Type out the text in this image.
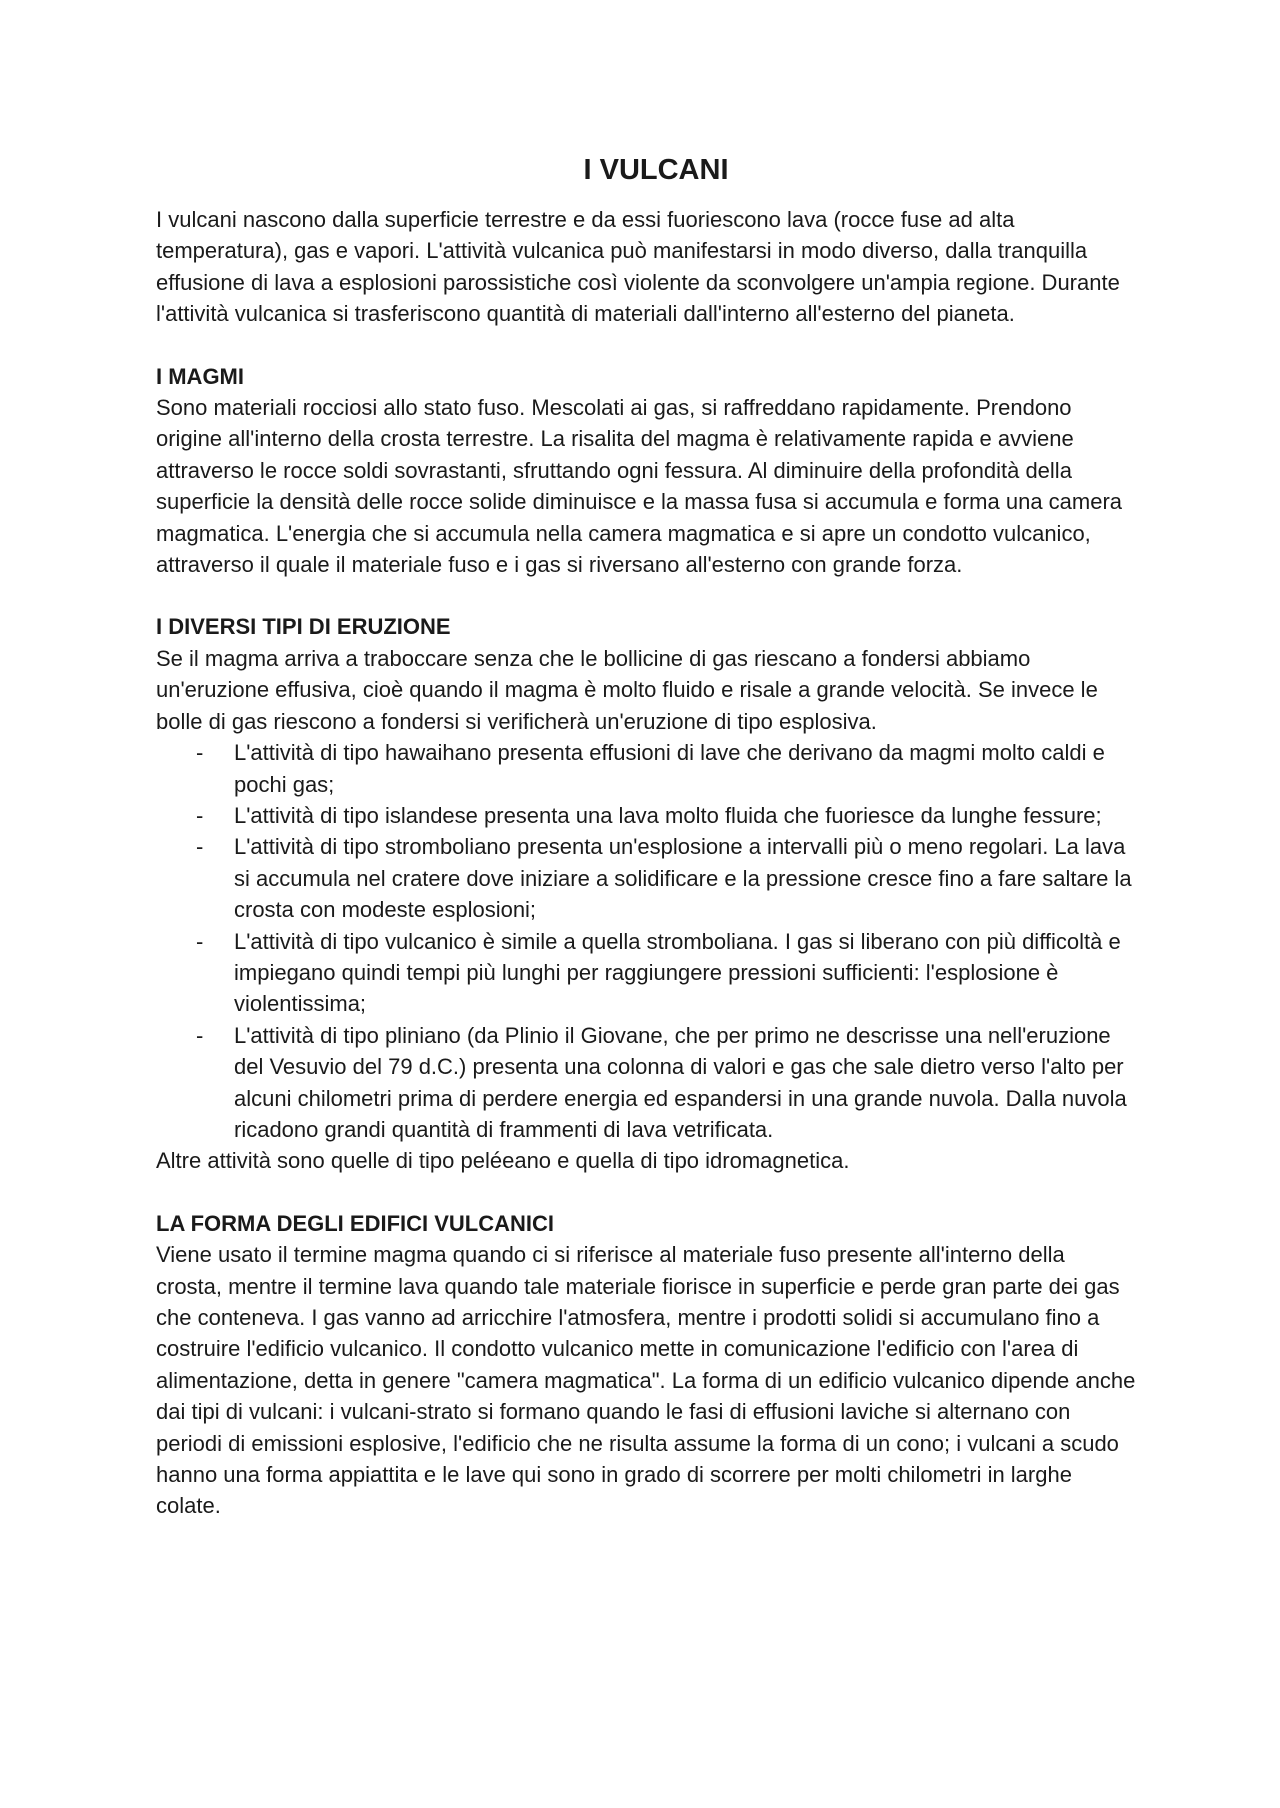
I VULCANI

I vulcani nascono dalla superficie terrestre e da essi fuoriescono lava (rocce fuse ad alta temperatura), gas e vapori. L'attività vulcanica può manifestarsi in modo diverso, dalla tranquilla effusione di lava a esplosioni parossistiche così violente da sconvolgere un'ampia regione. Durante l'attività vulcanica si trasferiscono quantità di materiali dall'interno all'esterno del pianeta.

I MAGMI

Sono materiali rocciosi allo stato fuso. Mescolati ai gas, si raffreddano rapidamente. Prendono origine all'interno della crosta terrestre. La risalita del magma è relativamente rapida e avviene attraverso le rocce soldi sovrastanti, sfruttando ogni fessura. Al diminuire della profondità della superficie la densità delle rocce solide diminuisce e la massa fusa si accumula e forma una camera magmatica. L'energia che si accumula nella camera magmatica e si apre un condotto vulcanico, attraverso il quale il materiale fuso e i gas si riversano all'esterno con grande forza.

I DIVERSI TIPI DI ERUZIONE

Se il magma arriva a traboccare senza che le bollicine di gas riescano a fondersi abbiamo un'eruzione effusiva, cioè quando il magma è molto fluido e risale a grande velocità. Se invece le bolle di gas riescono a fondersi si verificherà un'eruzione di tipo esplosiva.

- L'attività di tipo hawaihano presenta effusioni di lave che derivano da magmi molto caldi e pochi gas;
- L'attività di tipo islandese presenta una lava molto fluida che fuoriesce da lunghe fessure;
- L'attività di tipo stromboliano presenta un'esplosione a intervalli più o meno regolari. La lava si accumula nel cratere dove iniziare a solidificare e la pressione cresce fino a fare saltare la crosta con modeste esplosioni;
- L'attività di tipo vulcanico è simile a quella stromboliana. I gas si liberano con più difficoltà e impiegano quindi tempi più lunghi per raggiungere pressioni sufficienti: l'esplosione è violentissima;
- L'attività di tipo pliniano (da Plinio il Giovane, che per primo ne descrisse una nell'eruzione del Vesuvio del 79 d.C.) presenta una colonna di valori e gas che sale dietro verso l'alto per alcuni chilometri prima di perdere energia ed espandersi in una grande nuvola. Dalla nuvola ricadono grandi quantità di frammenti di lava vetrificata.

Altre attività sono quelle di tipo peléeano e quella di tipo idromagnetica.

LA FORMA DEGLI EDIFICI VULCANICI

Viene usato il termine magma quando ci si riferisce al materiale fuso presente all'interno della crosta, mentre il termine lava quando tale materiale fiorisce in superficie e perde gran parte dei gas che conteneva. I gas vanno ad arricchire l'atmosfera, mentre i prodotti solidi si accumulano fino a costruire l'edificio vulcanico. Il condotto vulcanico mette in comunicazione l'edificio con l'area di alimentazione, detta in genere "camera magmatica". La forma di un edificio vulcanico dipende anche dai tipi di vulcani: i vulcani-strato si formano quando le fasi di effusioni laviche si alternano con periodi di emissioni esplosive, l'edificio che ne risulta assume la forma di un cono; i vulcani a scudo hanno una forma appiattita e le lave qui sono in grado di scorrere per molti chilometri in larghe colate.
